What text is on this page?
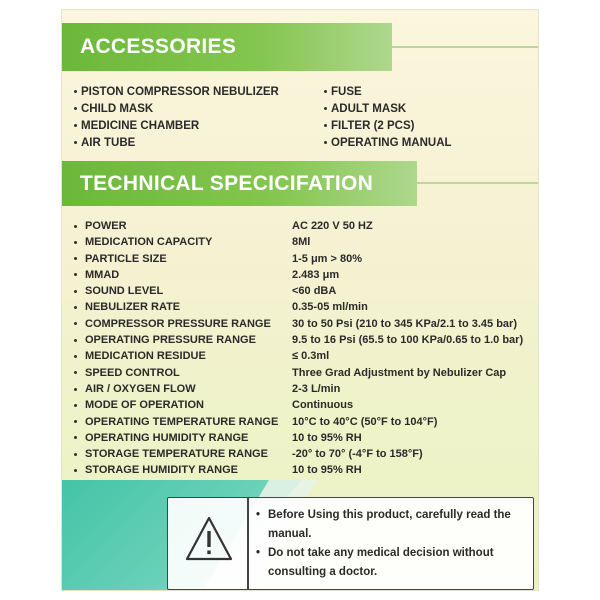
ACCESSORIES
PISTON COMPRESSOR NEBULIZER	FUSE
CHILD MASK	ADULT MASK
MEDICINE CHAMBER	FILTER (2 PCS)
AIR TUBE	OPERATING MANUAL
TECHNICAL SPECICIFATION
POWER	AC 220 V 50 HZ
MEDICATION CAPACITY	8Ml
PARTICLE SIZE	1-5 μm > 80%
MMAD	2.483 μm
SOUND LEVEL	<60 dBA
NEBULIZER RATE	0.35-05 ml/min
COMPRESSOR PRESSURE RANGE	30 to 50 Psi (210 to 345 KPa/2.1 to 3.45 bar)
OPERATING PRESSURE RANGE	9.5 to 16 Psi (65.5 to 100 KPa/0.65 to 1.0 bar)
MEDICATION RESIDUE	≤ 0.3ml
SPEED CONTROL	Three Grad Adjustment by Nebulizer Cap
AIR / OXYGEN FLOW	2-3 L/min
MODE OF OPERATION	Continuous
OPERATING TEMPERATURE RANGE	10°C to 40°C (50°F to 104°F)
OPERATING HUMIDITY RANGE	10 to 95% RH
STORAGE TEMPERATURE RANGE	-20° to 70° (-4°F to 158°F)
STORAGE HUMIDITY RANGE	10 to 95% RH
• Before Using this product, carefully read the manual.
• Do not take any medical decision without consulting a doctor.
